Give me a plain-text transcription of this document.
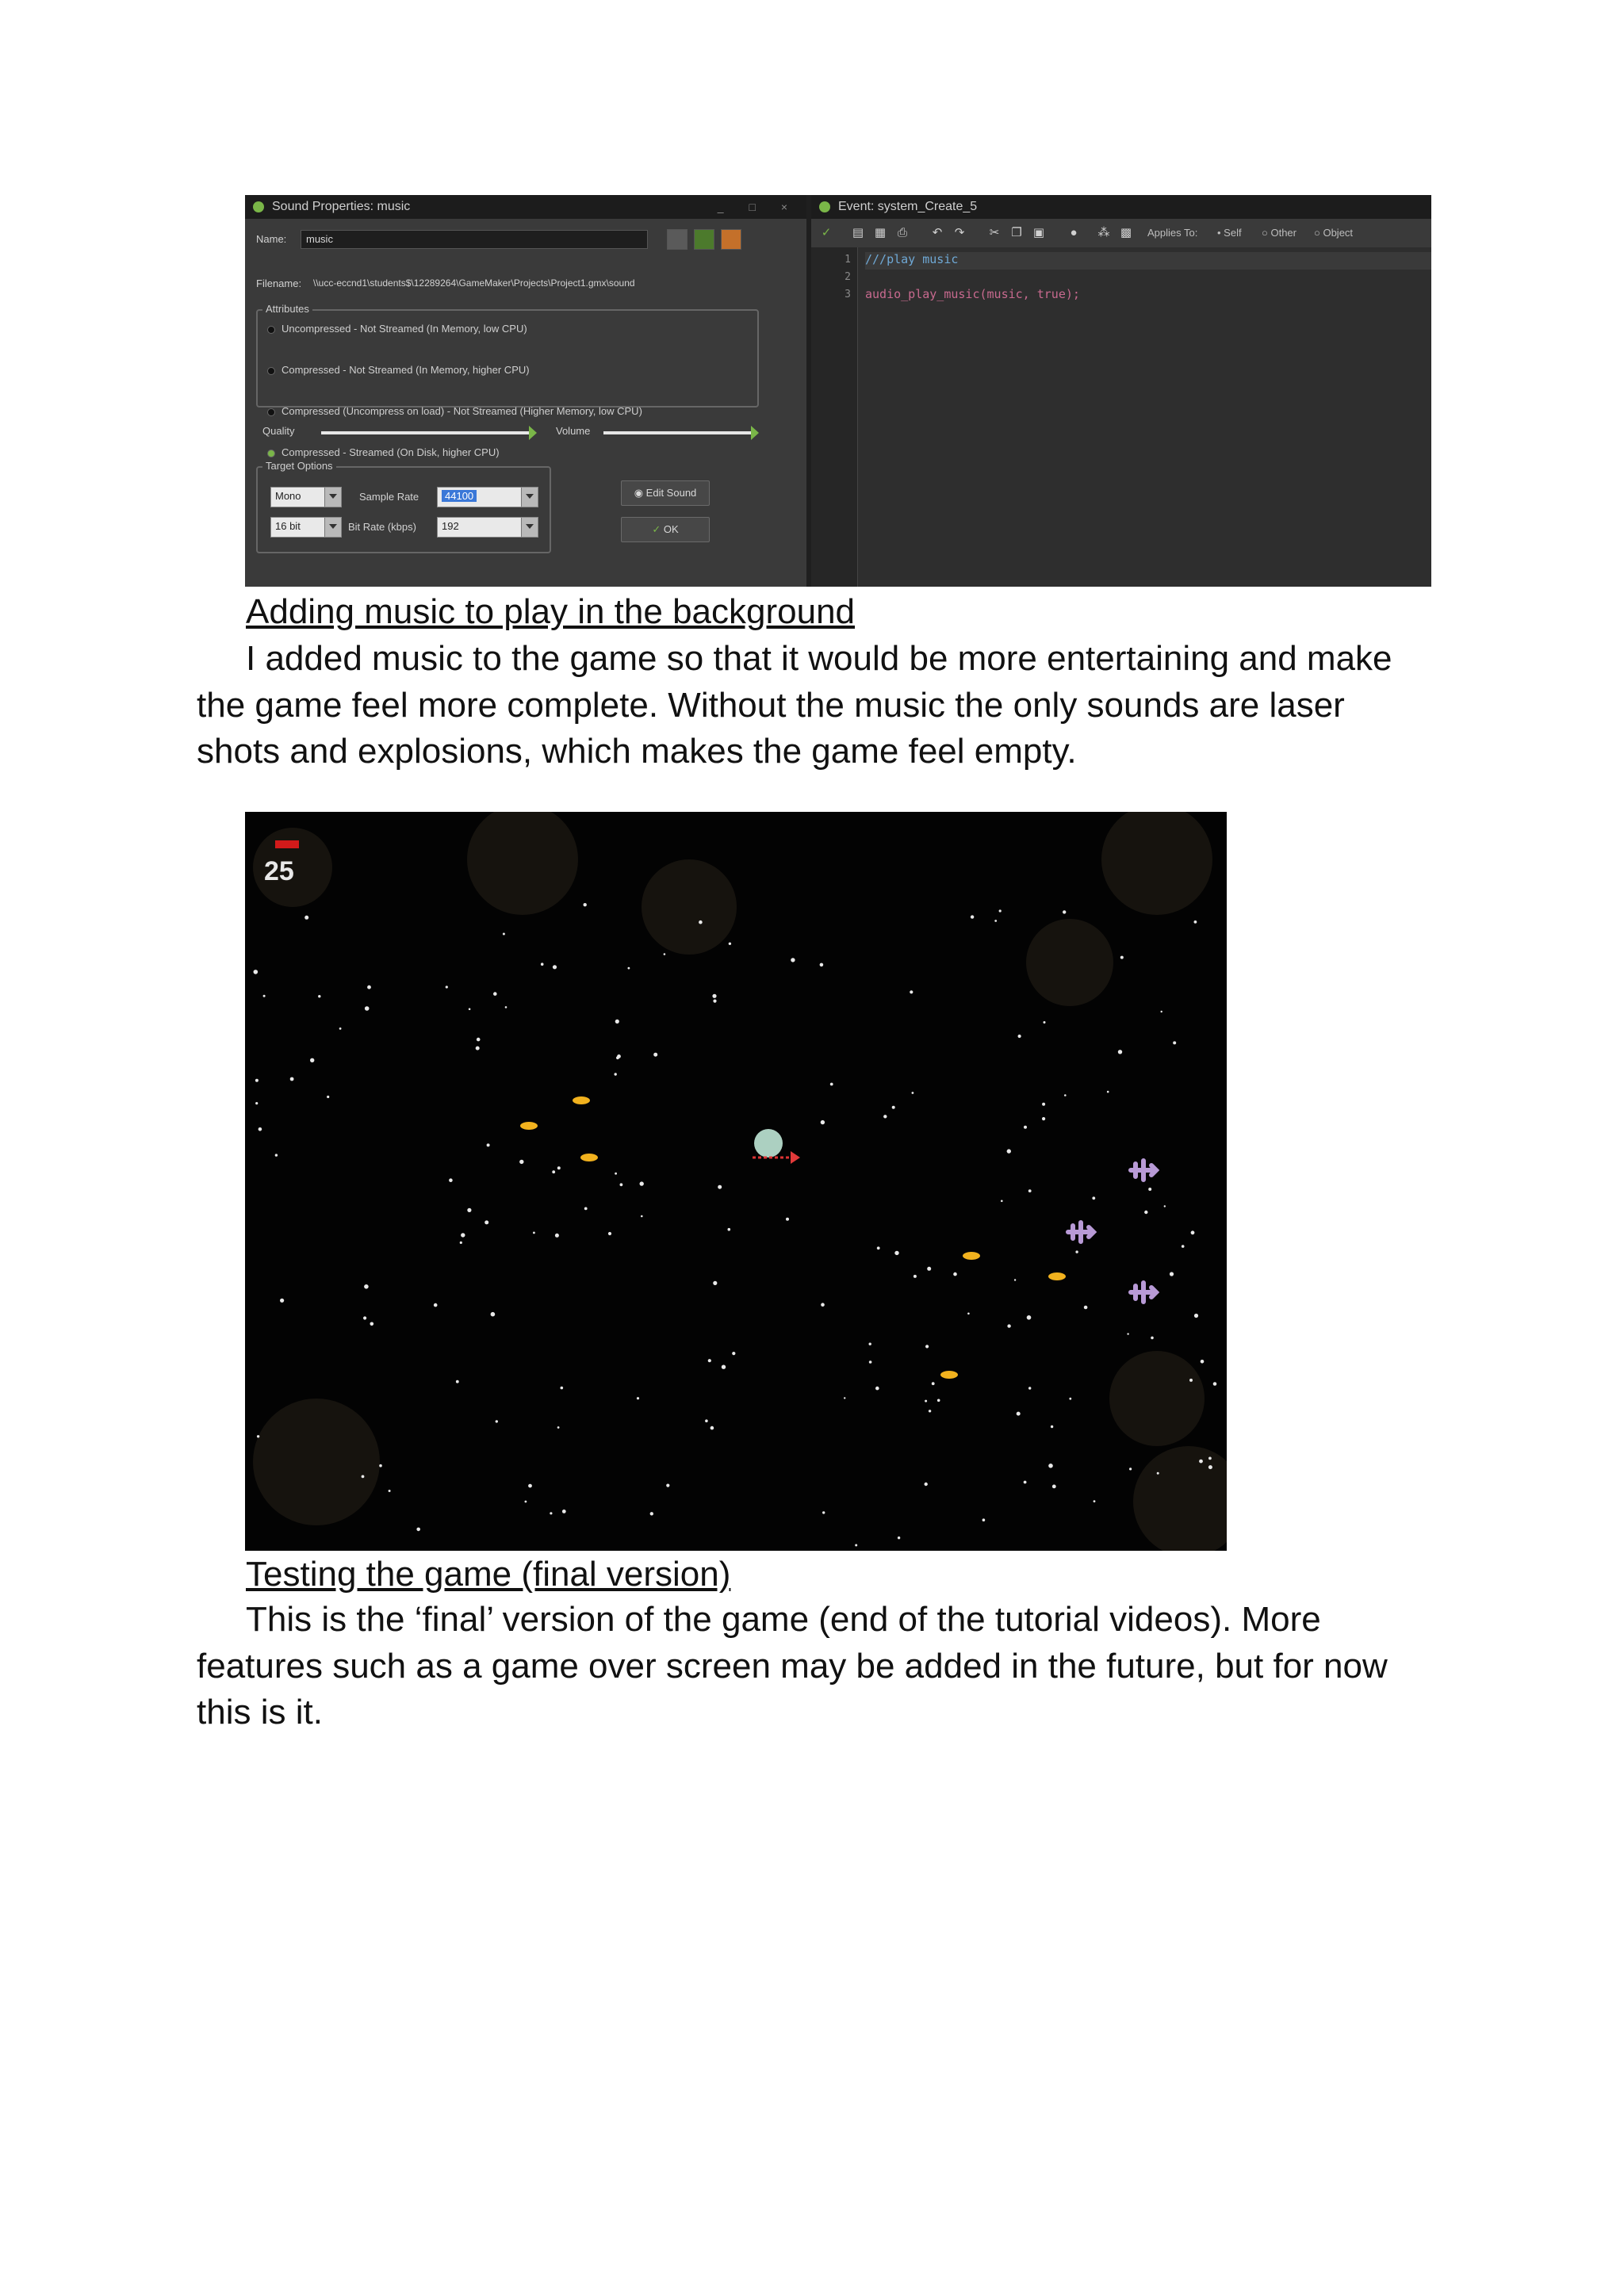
Sound Properties: music	_ □ ×
Name:	music
Filename: \\ucc-eccnd1\students$\12289264\GameMaker\Projects\Project1.gmx\sound
Attributes
Uncompressed - Not Streamed (In Memory, low CPU)
Compressed - Not Streamed (In Memory, higher CPU)
Compressed (Uncompress on load) - Not Streamed (Higher Memory, low CPU)
Compressed - Streamed (On Disk, higher CPU)
Quality	Volume
Target Options
Mono	Sample Rate	44100
16 bit	Bit Rate (kbps)	192
◉ Edit Sound
✓ OK
Event: system_Create_5
✓ ▤ ▦ ⎙ ↶ ↷ ✂ ❐ ▣ ● ⁂ ▩ Applies To: • Self ○ Other ○ Object
1
2
3
///play music
audio_play_music(music, true);
Adding music to play in the background
I added music to the game so that it would be more entertaining and make the game feel more complete. Without the music the only sounds are laser shots and explosions, which makes the game feel empty.
25
Testing the game (final version)
This is the ‘final’ version of the game (end of the tutorial videos). More features such as a game over screen may be added in the future, but for now this is it.
